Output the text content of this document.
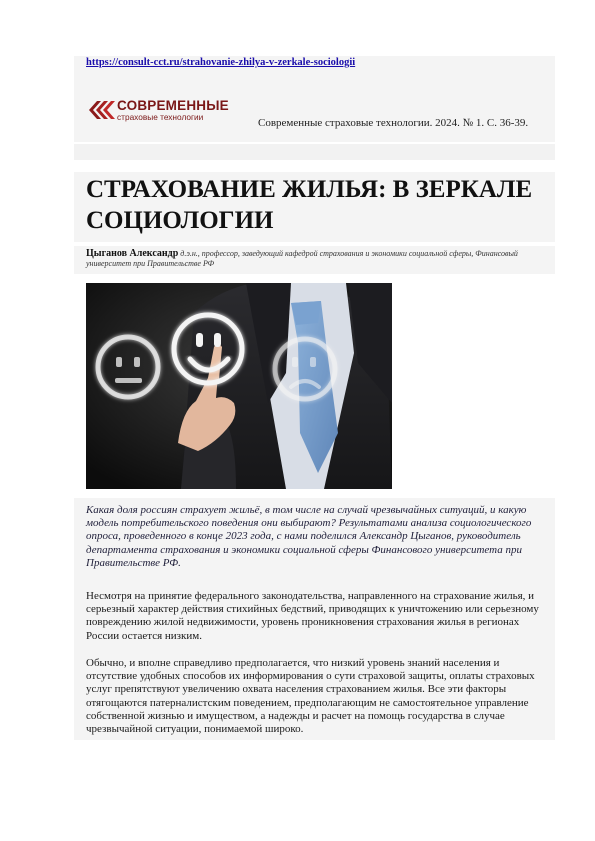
https://consult-cct.ru/strahovanie-zhilya-v-zerkale-sociologii
СОВРЕМЕННЫЕ
страховые технологии	Современные страховые технологии. 2024. № 1. С. 36-39.
СТРАХОВАНИЕ ЖИЛЬЯ: В ЗЕРКАЛЕ СОЦИОЛОГИИ
Цыганов Александр д.э.н., профессор, заведующий кафедрой страхования и экономики социальной сферы, Финансовый университет при Правительстве РФ
Какая доля россиян страхует жильё, в том числе на случай чрезвычайных ситуаций, и какую модель потребительского поведения они выбирают? Результатами анализа социологического опроса, проведенного в конце 2023 года, с нами поделился Александр Цыганов, руководитель департамента страхования и экономики социальной сферы Финансового университета при Правительстве РФ.
Несмотря на принятие федерального законодательства, направленного на страхование жилья, и серьезный характер действия стихийных бедствий, приводящих к уничтожению или серьезному повреждению жилой недвижимости, уровень проникновения страхования жилья в регионах России остается низким.
Обычно, и вполне справедливо предполагается, что низкий уровень знаний населения и отсутствие удобных способов их информирования о сути страховой защиты, оплаты страховых услуг препятствуют увеличению охвата населения страхованием жилья. Все эти факторы отягощаются патерналистским поведением, предполагающим не самостоятельное управление собственной жизнью и имуществом, а надежды и расчет на помощь государства в случае чрезвычайной ситуации, понимаемой широко.
